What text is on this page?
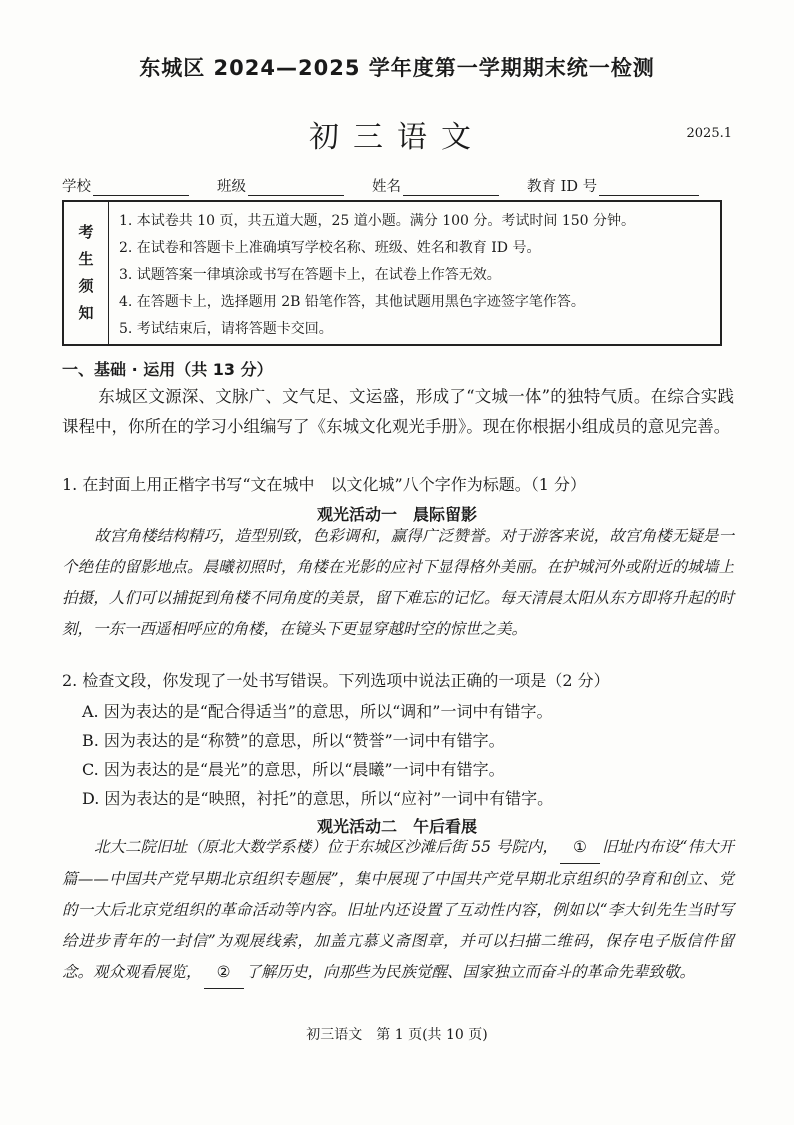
东城区 2024—2025 学年度第一学期期末统一检测
初三语文	2025.1
学校	班级	姓名	教育 ID 号
考
生
须
知
1. 本试卷共 10 页，共五道大题，25 道小题。满分 100 分。考试时间 150 分钟。
2. 在试卷和答题卡上准确填写学校名称、班级、姓名和教育 ID 号。
3. 试题答案一律填涂或书写在答题卡上，在试卷上作答无效。
4. 在答题卡上，选择题用 2B 铅笔作答，其他试题用黑色字迹签字笔作答。
5. 考试结束后，请将答题卡交回。
一、基础 · 运用（共 13 分）
东城区文源深、文脉广、文气足、文运盛，形成了“文城一体”的独特气质。在综合实践课程中，你所在的学习小组编写了《东城文化观光手册》。现在你根据小组成员的意见完善。
1. 在封面上用正楷字书写“文在城中　以文化城”八个字作为标题。（1 分）
观光活动一　晨际留影
故宫角楼结构精巧，造型别致，色彩调和，赢得广泛赞誉。对于游客来说，故宫角楼无疑是一个绝佳的留影地点。晨曦初照时，角楼在光影的应衬下显得格外美丽。在护城河外或附近的城墙上拍摄，人们可以捕捉到角楼不同角度的美景，留下难忘的记忆。每天清晨太阳从东方即将升起的时刻，一东一西遥相呼应的角楼，在镜头下更显穿越时空的惊世之美。
2. 检查文段，你发现了一处书写错误。下列选项中说法正确的一项是（2 分）
A. 因为表达的是“配合得适当”的意思，所以“调和”一词中有错字。
B. 因为表达的是“称赞”的意思，所以“赞誉”一词中有错字。
C. 因为表达的是“晨光”的意思，所以“晨曦”一词中有错字。
D. 因为表达的是“映照，衬托”的意思，所以“应衬”一词中有错字。
观光活动二　午后看展
北大二院旧址（原北大数学系楼）位于东城区沙滩后街 55 号院内， ① 旧址内布设“伟大开篇——中国共产党早期北京组织专题展”，集中展现了中国共产党早期北京组织的孕育和创立、党的一大后北京党组织的革命活动等内容。旧址内还设置了互动性内容，例如以“李大钊先生当时写给进步青年的一封信”为观展线索，加盖亢慕义斋图章，并可以扫描二维码，保存电子版信件留念。观众观看展览， ② 了解历史，向那些为民族觉醒、国家独立而奋斗的革命先辈致敬。
初三语文　第 1 页(共 10 页)
